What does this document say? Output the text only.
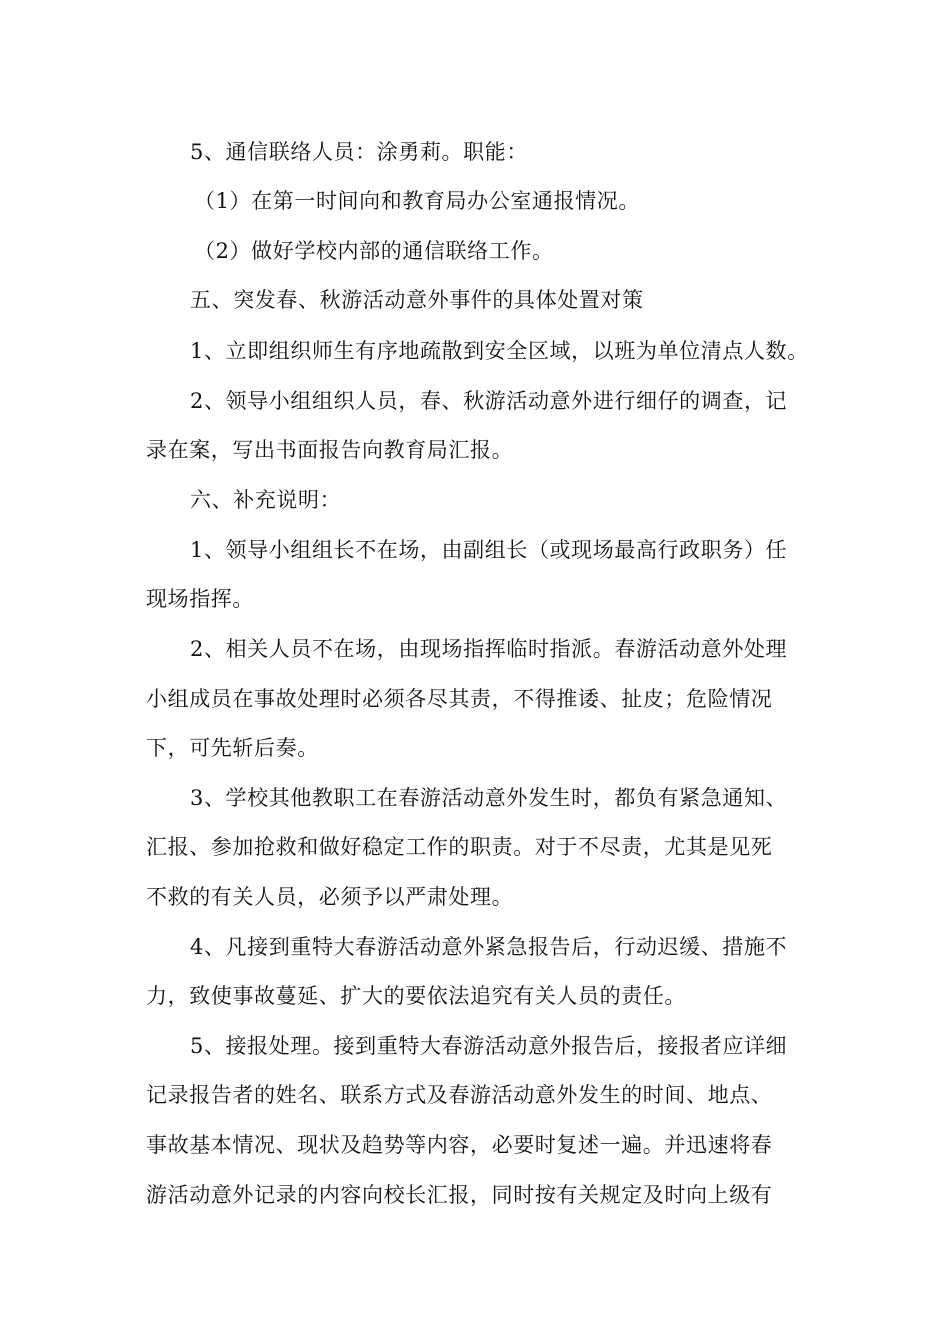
5、通信联络人员：涂勇莉。职能：
（1）在第一时间向和教育局办公室通报情况。
（2）做好学校内部的通信联络工作。
五、突发春、秋游活动意外事件的具体处置对策
1、立即组织师生有序地疏散到安全区域，以班为单位清点人数。
2、领导小组组织人员，春、秋游活动意外进行细仔的调查，记
录在案，写出书面报告向教育局汇报。
六、补充说明：
1、领导小组组长不在场，由副组长（或现场最高行政职务）任
现场指挥。
2、相关人员不在场，由现场指挥临时指派。春游活动意外处理
小组成员在事故处理时必须各尽其责，不得推诿、扯皮；危险情况
下，可先斩后奏。
3、学校其他教职工在春游活动意外发生时，都负有紧急通知、
汇报、参加抢救和做好稳定工作的职责。对于不尽责，尤其是见死
不救的有关人员，必须予以严肃处理。
4、凡接到重特大春游活动意外紧急报告后，行动迟缓、措施不
力，致使事故蔓延、扩大的要依法追究有关人员的责任。
5、接报处理。接到重特大春游活动意外报告后，接报者应详细
记录报告者的姓名、联系方式及春游活动意外发生的时间、地点、
事故基本情况、现状及趋势等内容，必要时复述一遍。并迅速将春
游活动意外记录的内容向校长汇报，同时按有关规定及时向上级有
